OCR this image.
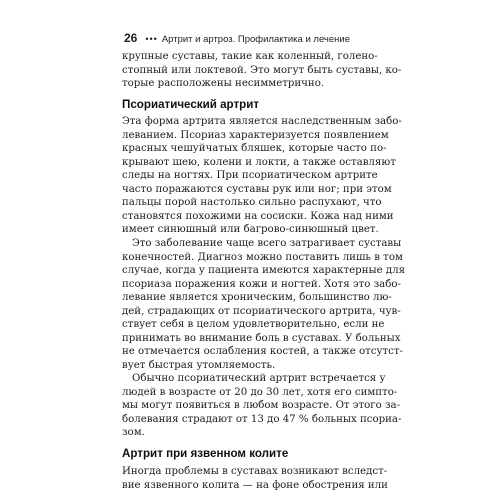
26 ••• Артрит и артроз. Профилактика и лечение
крупные суставы, такие как коленный, голено-
стопный или локтевой. Это могут быть суставы, ко-
торые расположены несимметрично.
Псориатический артрит
Эта форма артрита является наследственным забо-
леванием. Псориаз характеризуется появлением
красных чешуйчатых бляшек, которые часто по-
крывают шею, колени и локти, а также оставляют
следы на ногтях. При псориатическом артрите
часто поражаются суставы рук или ног; при этом
пальцы порой настолько сильно распухают, что
становятся похожими на сосиски. Кожа над ними
имеет синюшный или багрово-синюшный цвет.
Это заболевание чаще всего затрагивает суставы
конечностей. Диагноз можно поставить лишь в том
случае, когда у пациента имеются характерные для
псориаза поражения кожи и ногтей. Хотя это забо-
левание является хроническим, большинство лю-
дей, страдающих от псориатического артрита, чув-
ствует себя в целом удовлетворительно, если не
принимать во внимание боль в суставах. У больных
не отмечается ослабления костей, а также отсутст-
вует быстрая утомляемость.
Обычно псориатический артрит встречается у
людей в возрасте от 20 до 30 лет, хотя его симпто-
мы могут появиться в любом возрасте. От этого за-
болевания страдают от 13 до 47 % больных псориа-
зом.
Артрит при язвенном колите
Иногда проблемы в суставах возникают вследст-
вие язвенного колита — на фоне обострения или
